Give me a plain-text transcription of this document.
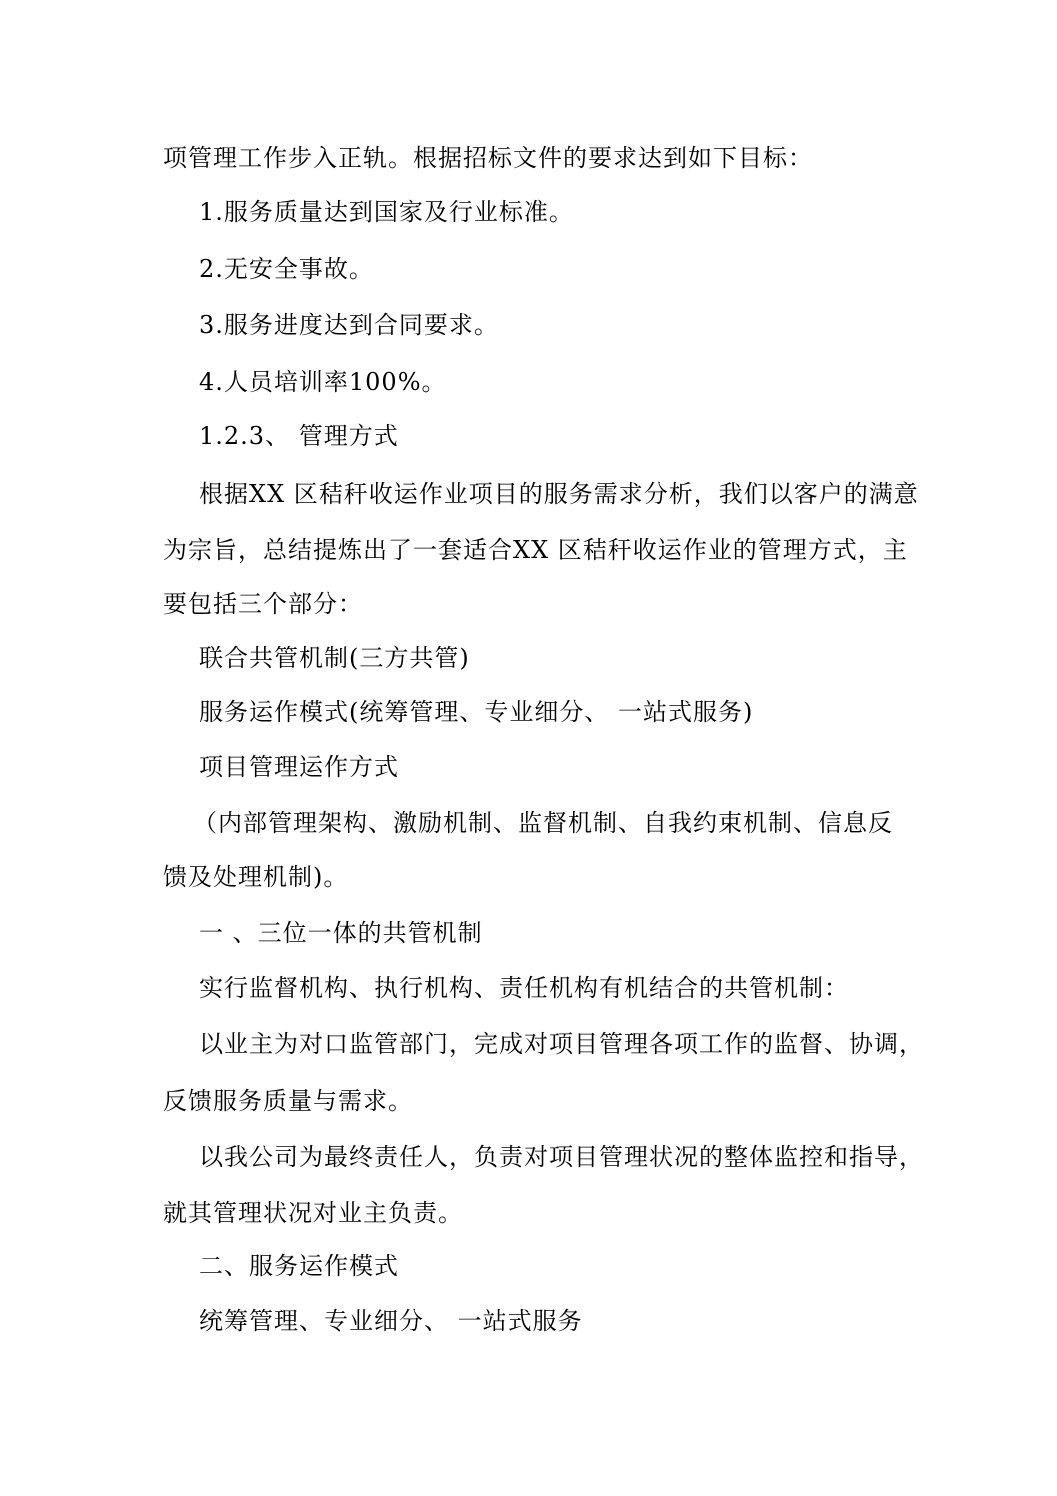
项管理工作步入正轨。根据招标文件的要求达到如下目标：
1.服务质量达到国家及行业标准。
2.无安全事故。
3.服务进度达到合同要求。
4.人员培训率100%。
1.2.3、 管理方式
根据XX 区秸秆收运作业项目的服务需求分析，我们以客户的满意
为宗旨，总结提炼出了一套适合XX 区秸秆收运作业的管理方式，主
要包括三个部分：
联合共管机制(三方共管)
服务运作模式(统筹管理、专业细分、 一站式服务)
项目管理运作方式
（内部管理架构、激励机制、监督机制、自我约束机制、信息反
馈及处理机制)。
一 、三位一体的共管机制
实行监督机构、执行机构、责任机构有机结合的共管机制：
以业主为对口监管部门，完成对项目管理各项工作的监督、协调，
反馈服务质量与需求。
以我公司为最终责任人，负责对项目管理状况的整体监控和指导，
就其管理状况对业主负责。
二、服务运作模式
统筹管理、专业细分、 一站式服务
